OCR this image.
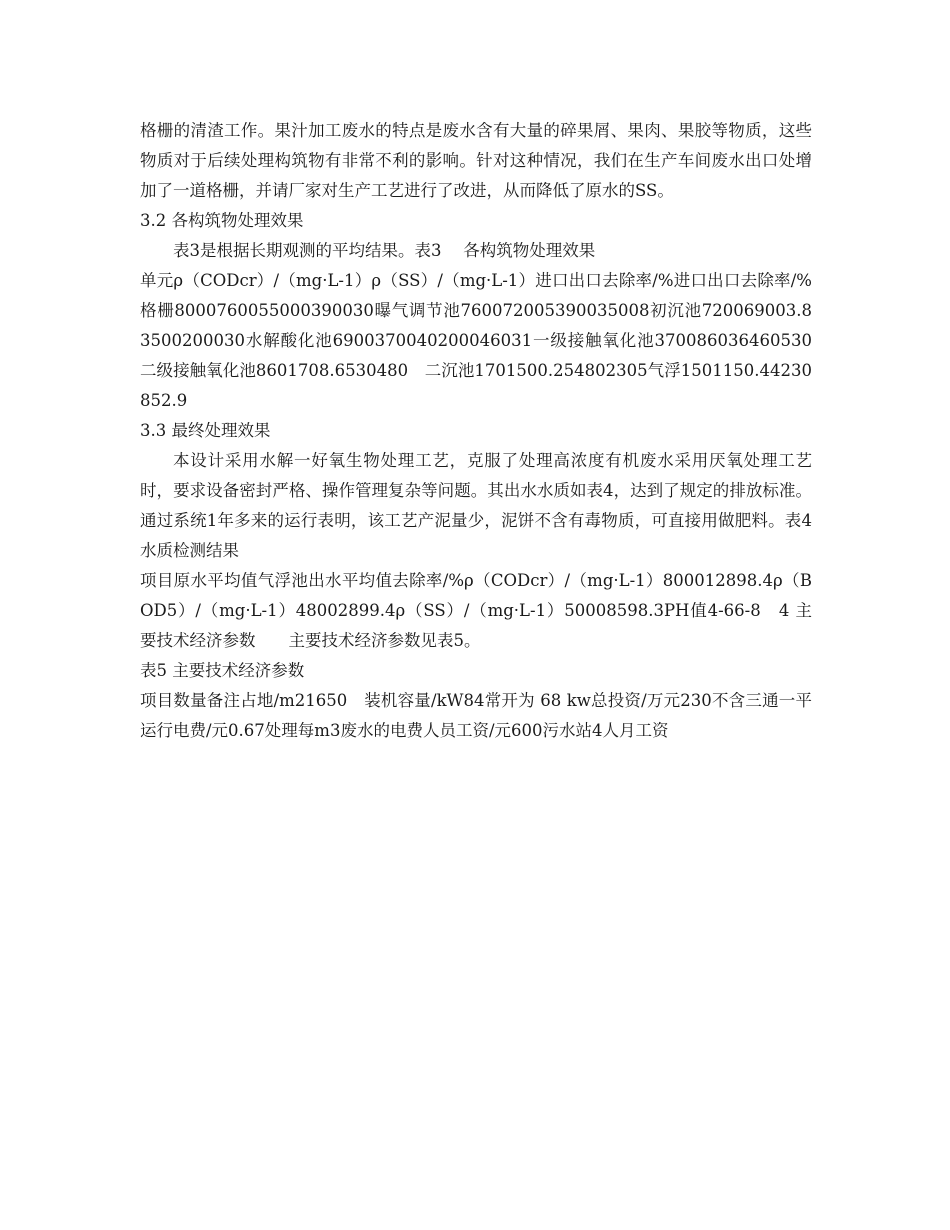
格栅的清渣工作。果汁加工废水的特点是废水含有大量的碎果屑、果肉、果胶等物质，这些物质对于后续处理构筑物有非常不利的影响。针对这种情况，我们在生产车间废水出口处增加了一道格栅，并请厂家对生产工艺进行了改进，从而降低了原水的SS。

3.2 各构筑物处理效果

表3是根据长期观测的平均结果。表3　 各构筑物处理效果

单元ρ（CODcr）/（mg·L-1）ρ（SS）/（mg·L-1）进口出口去除率/%进口出口去除率/%格栅8000760055000390030曝气调节池760072005390035008初沉池720069003.83500200030水解酸化池6900370040200046031一级接触氧化池370086036460530　二级接触氧化池8601708.6530480　二沉池1701500.254802305气浮1501150.44230852.9

3.3 最终处理效果

本设计采用水解一好氧生物处理工艺，克服了处理高浓度有机废水采用厌氧处理工艺时，要求设备密封严格、操作管理复杂等问题。其出水水质如表4，达到了规定的排放标准。通过系统1年多来的运行表明，该工艺产泥量少，泥饼不含有毒物质，可直接用做肥料。表4 水质检测结果

项目原水平均值气浮池出水平均值去除率/%ρ（CODcr）/（mg·L-1）800012898.4ρ（BOD5）/（mg·L-1）48002899.4ρ（SS）/（mg·L-1）50008598.3PH值4-66-8　4 主要技术经济参数　　主要技术经济参数见表5。

表5 主要技术经济参数

项目数量备注占地/m21650　装机容量/kW84常开为 68 kw总投资/万元230不含三通一平运行电费/元0.67处理每m3废水的电费人员工资/元600污水站4人月工资
